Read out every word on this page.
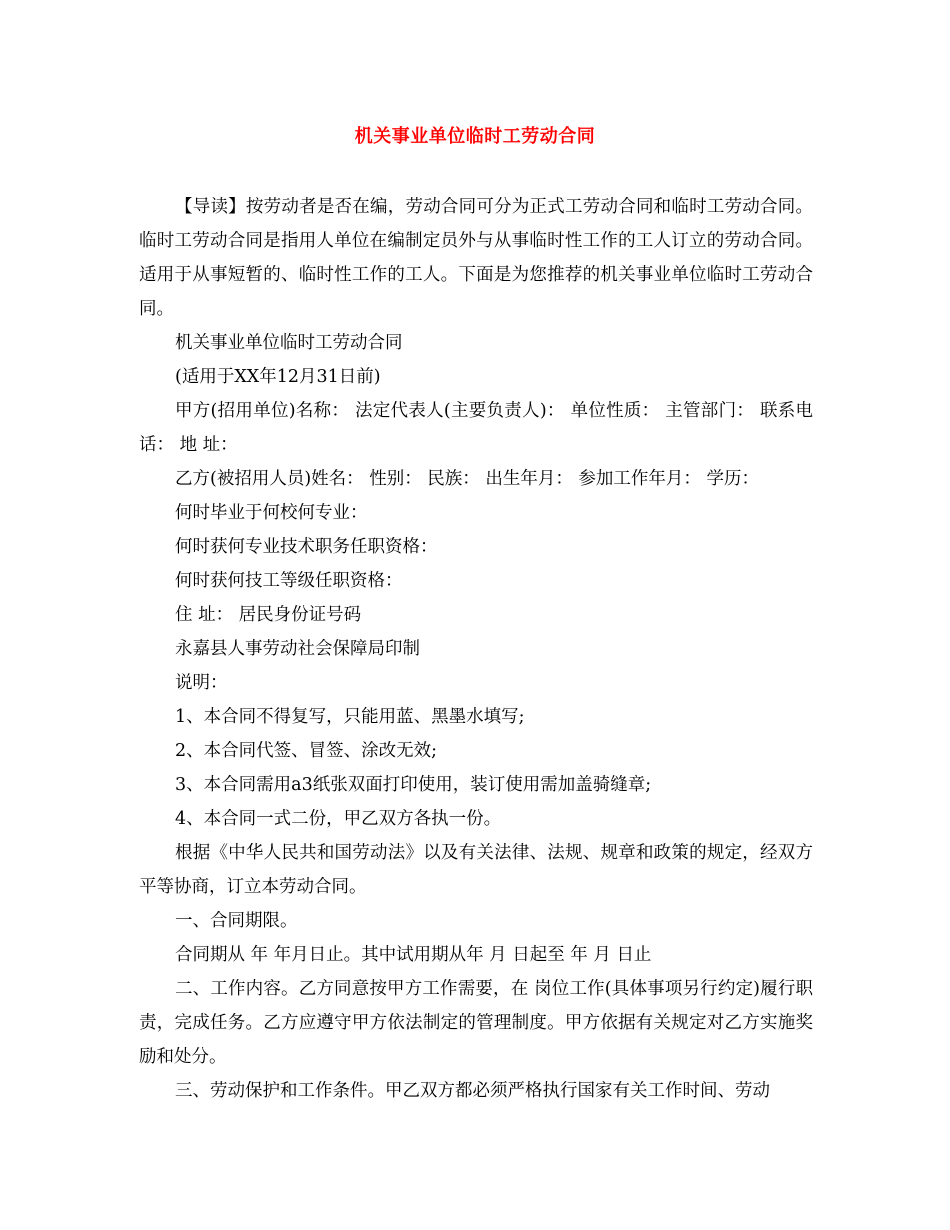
机关事业单位临时工劳动合同

【导读】按劳动者是否在编，劳动合同可分为正式工劳动合同和临时工劳动合同。临时工劳动合同是指用人单位在编制定员外与从事临时性工作的工人订立的劳动合同。适用于从事短暂的、临时性工作的工人。下面是为您推荐的机关事业单位临时工劳动合同。

机关事业单位临时工劳动合同

(适用于XX年12月31日前)

甲方(招用单位)名称： 法定代表人(主要负责人)： 单位性质： 主管部门： 联系电话： 地 址：

乙方(被招用人员)姓名： 性别： 民族： 出生年月： 参加工作年月： 学历：

何时毕业于何校何专业：

何时获何专业技术职务任职资格：

何时获何技工等级任职资格：

住 址： 居民身份证号码

永嘉县人事劳动社会保障局印制

说明：

1、本合同不得复写，只能用蓝、黑墨水填写;

2、本合同代签、冒签、涂改无效;

3、本合同需用a3纸张双面打印使用，装订使用需加盖骑缝章;

4、本合同一式二份，甲乙双方各执一份。

根据《中华人民共和国劳动法》以及有关法律、法规、规章和政策的规定，经双方平等协商，订立本劳动合同。

一、合同期限。

合同期从 年 年月日止。其中试用期从年 月 日起至 年 月 日止

二、工作内容。乙方同意按甲方工作需要，在 岗位工作(具体事项另行约定)履行职责，完成任务。乙方应遵守甲方依法制定的管理制度。甲方依据有关规定对乙方实施奖励和处分。

三、劳动保护和工作条件。甲乙双方都必须严格执行国家有关工作时间、劳动
